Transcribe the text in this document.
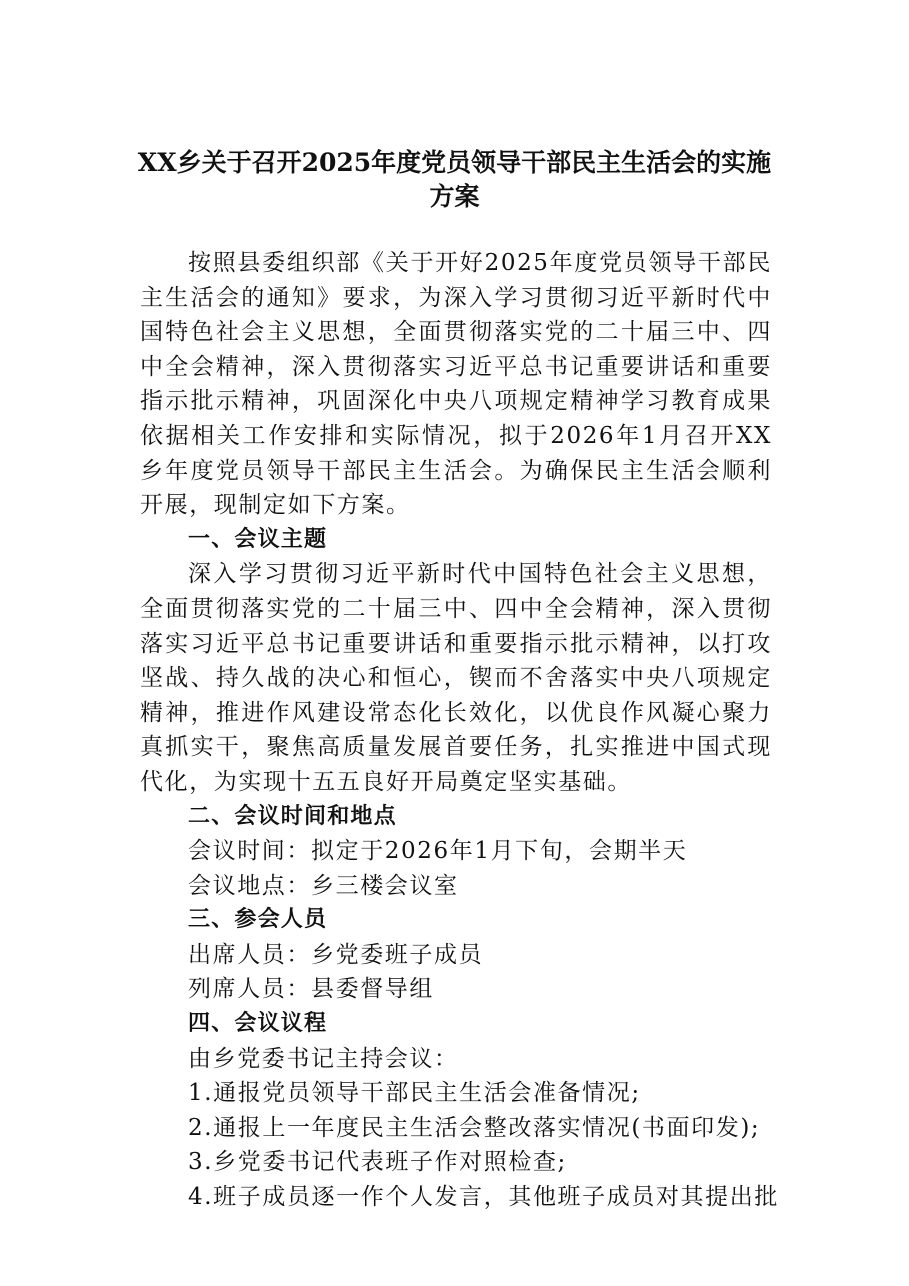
XX乡关于召开2025年度党员领导干部民主生活会的实施
方案

按照县委组织部《关于开好2025年度党员领导干部民主生活会的通知》要求，为深入学习贯彻习近平新时代中国特色社会主义思想，全面贯彻落实党的二十届三中、四中全会精神，深入贯彻落实习近平总书记重要讲话和重要指示批示精神，巩固深化中央八项规定精神学习教育成果依据相关工作安排和实际情况，拟于2026年1月召开XX乡年度党员领导干部民主生活会。为确保民主生活会顺利开展，现制定如下方案。

一、会议主题

深入学习贯彻习近平新时代中国特色社会主义思想，全面贯彻落实党的二十届三中、四中全会精神，深入贯彻落实习近平总书记重要讲话和重要指示批示精神，以打攻坚战、持久战的决心和恒心，锲而不舍落实中央八项规定精神，推进作风建设常态化长效化，以优良作风凝心聚力真抓实干，聚焦高质量发展首要任务，扎实推进中国式现代化，为实现十五五良好开局奠定坚实基础。

二、会议时间和地点

会议时间：拟定于2026年1月下旬，会期半天

会议地点：乡三楼会议室

三、参会人员

出席人员：乡党委班子成员

列席人员：县委督导组

四、会议议程

由乡党委书记主持会议：

1.通报党员领导干部民主生活会准备情况;

2.通报上一年度民主生活会整改落实情况(书面印发);

3.乡党委书记代表班子作对照检查;

4.班子成员逐一作个人发言，其他班子成员对其提出批
